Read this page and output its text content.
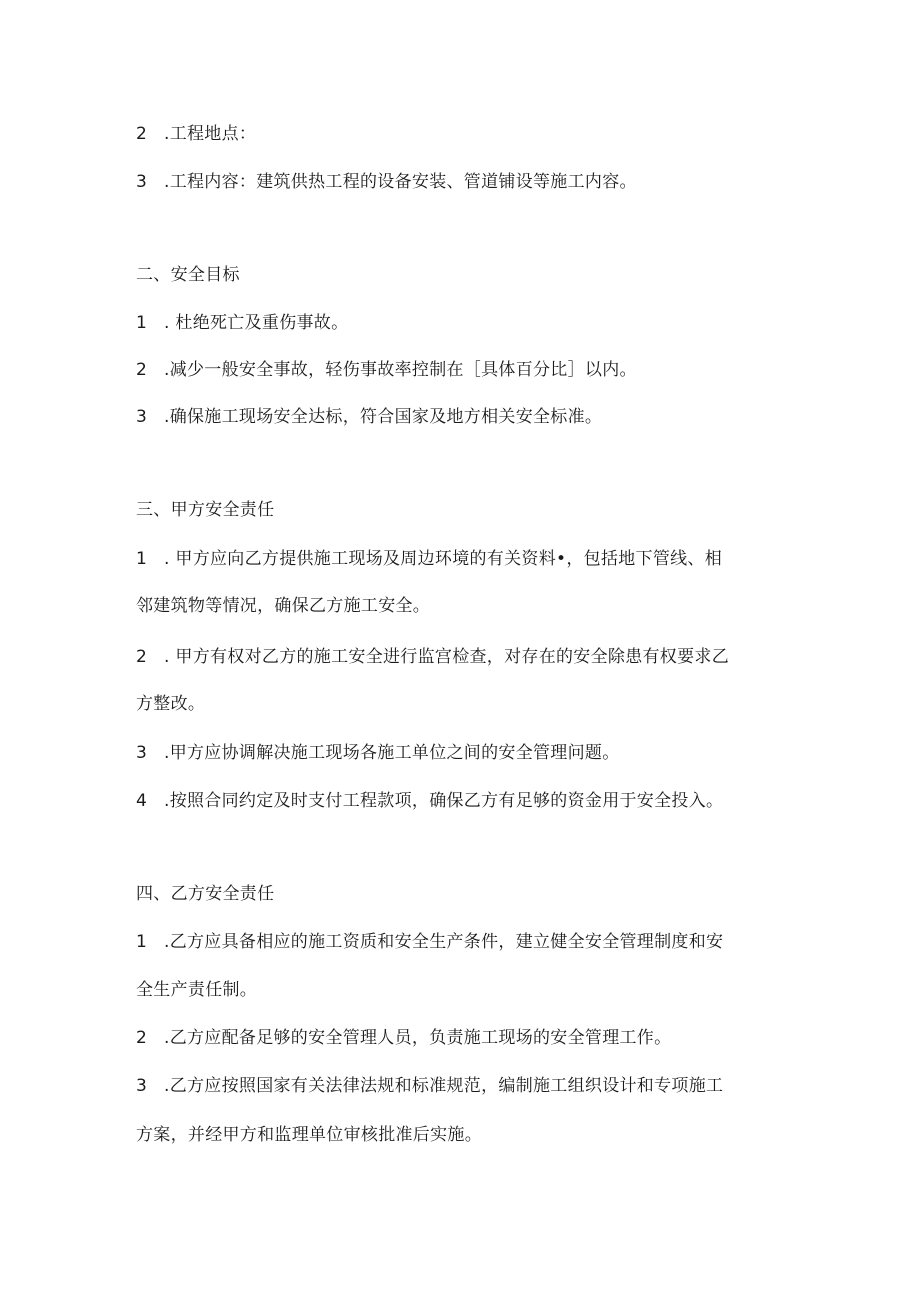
2 .工程地点：
3 .工程内容：建筑供热工程的设备安装、管道铺设等施工内容。
二、安全目标
1 . 杜绝死亡及重伤事故。
2 .减少一般安全事故，轻伤事故率控制在［具体百分比］以内。
3 .确保施工现场安全达标，符合国家及地方相关安全标准。
三、甲方安全责任
1 . 甲方应向乙方提供施工现场及周边环境的有关资料•，包括地下管线、相
邻建筑物等情况，确保乙方施工安全。
2 . 甲方有权对乙方的施工安全进行监宫检查，对存在的安全除患有权要求乙
方整改。
3 .甲方应协调解决施工现场各施工单位之间的安全管理问题。
4 .按照合同约定及时支付工程款项，确保乙方有足够的资金用于安全投入。
四、乙方安全责任
1 .乙方应具备相应的施工资质和安全生产条件，建立健全安全管理制度和安
全生产责任制。
2 .乙方应配备足够的安全管理人员，负责施工现场的安全管理工作。
3 .乙方应按照国家有关法律法规和标准规范，编制施工组织设计和专项施工
方案，并经甲方和监理单位审核批准后实施。
